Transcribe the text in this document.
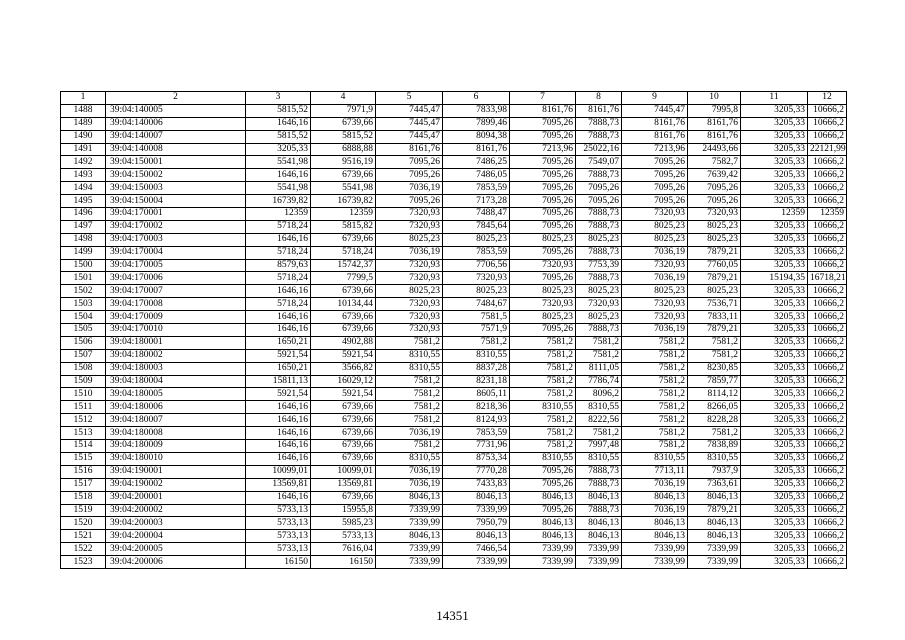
1	2	3	4	5	6	7	8	9	10	11	12
1488	39:04:140005	5815,52	7971,9	7445,47	7833,98	8161,76	8161,76	7445,47	7995,8	3205,33	10666,2
1489	39:04:140006	1646,16	6739,66	7445,47	7899,46	7095,26	7888,73	8161,76	8161,76	3205,33	10666,2
1490	39:04:140007	5815,52	5815,52	7445,47	8094,38	7095,26	7888,73	8161,76	8161,76	3205,33	10666,2
1491	39:04:140008	3205,33	6888,88	8161,76	8161,76	7213,96	25022,16	7213,96	24493,66	3205,33	22121,99
1492	39:04:150001	5541,98	9516,19	7095,26	7486,25	7095,26	7549,07	7095,26	7582,7	3205,33	10666,2
1493	39:04:150002	1646,16	6739,66	7095,26	7486,05	7095,26	7888,73	7095,26	7639,42	3205,33	10666,2
1494	39:04:150003	5541,98	5541,98	7036,19	7853,59	7095,26	7095,26	7095,26	7095,26	3205,33	10666,2
1495	39:04:150004	16739,82	16739,82	7095,26	7173,28	7095,26	7095,26	7095,26	7095,26	3205,33	10666,2
1496	39:04:170001	12359	12359	7320,93	7488,47	7095,26	7888,73	7320,93	7320,93	12359	12359
1497	39:04:170002	5718,24	5815,82	7320,93	7845,64	7095,26	7888,73	8025,23	8025,23	3205,33	10666,2
1498	39:04:170003	1646,16	6739,66	8025,23	8025,23	8025,23	8025,23	8025,23	8025,23	3205,33	10666,2
1499	39:04:170004	5718,24	5718,24	7036,19	7853,59	7095,26	7888,73	7036,19	7879,21	3205,33	10666,2
1500	39:04:170005	8579,63	15742,37	7320,93	7706,56	7320,93	7753,39	7320,93	7760,05	3205,33	10666,2
1501	39:04:170006	5718,24	7799,5	7320,93	7320,93	7095,26	7888,73	7036,19	7879,21	15194,35	16718,21
1502	39:04:170007	1646,16	6739,66	8025,23	8025,23	8025,23	8025,23	8025,23	8025,23	3205,33	10666,2
1503	39:04:170008	5718,24	10134,44	7320,93	7484,67	7320,93	7320,93	7320,93	7536,71	3205,33	10666,2
1504	39:04:170009	1646,16	6739,66	7320,93	7581,5	8025,23	8025,23	7320,93	7833,11	3205,33	10666,2
1505	39:04:170010	1646,16	6739,66	7320,93	7571,9	7095,26	7888,73	7036,19	7879,21	3205,33	10666,2
1506	39:04:180001	1650,21	4902,88	7581,2	7581,2	7581,2	7581,2	7581,2	7581,2	3205,33	10666,2
1507	39:04:180002	5921,54	5921,54	8310,55	8310,55	7581,2	7581,2	7581,2	7581,2	3205,33	10666,2
1508	39:04:180003	1650,21	3566,82	8310,55	8837,28	7581,2	8111,05	7581,2	8230,85	3205,33	10666,2
1509	39:04:180004	15811,13	16029,12	7581,2	8231,18	7581,2	7786,74	7581,2	7859,77	3205,33	10666,2
1510	39:04:180005	5921,54	5921,54	7581,2	8605,11	7581,2	8096,2	7581,2	8114,12	3205,33	10666,2
1511	39:04:180006	1646,16	6739,66	7581,2	8218,36	8310,55	8310,55	7581,2	8266,05	3205,33	10666,2
1512	39:04:180007	1646,16	6739,66	7581,2	8124,93	7581,2	8222,56	7581,2	8228,28	3205,33	10666,2
1513	39:04:180008	1646,16	6739,66	7036,19	7853,59	7581,2	7581,2	7581,2	7581,2	3205,33	10666,2
1514	39:04:180009	1646,16	6739,66	7581,2	7731,96	7581,2	7997,48	7581,2	7838,89	3205,33	10666,2
1515	39:04:180010	1646,16	6739,66	8310,55	8753,34	8310,55	8310,55	8310,55	8310,55	3205,33	10666,2
1516	39:04:190001	10099,01	10099,01	7036,19	7770,28	7095,26	7888,73	7713,11	7937,9	3205,33	10666,2
1517	39:04:190002	13569,81	13569,81	7036,19	7433,83	7095,26	7888,73	7036,19	7363,61	3205,33	10666,2
1518	39:04:200001	1646,16	6739,66	8046,13	8046,13	8046,13	8046,13	8046,13	8046,13	3205,33	10666,2
1519	39:04:200002	5733,13	15955,8	7339,99	7339,99	7095,26	7888,73	7036,19	7879,21	3205,33	10666,2
1520	39:04:200003	5733,13	5985,23	7339,99	7950,79	8046,13	8046,13	8046,13	8046,13	3205,33	10666,2
1521	39:04:200004	5733,13	5733,13	8046,13	8046,13	8046,13	8046,13	8046,13	8046,13	3205,33	10666,2
1522	39:04:200005	5733,13	7616,04	7339,99	7466,54	7339,99	7339,99	7339,99	7339,99	3205,33	10666,2
1523	39:04:200006	16150	16150	7339,99	7339,99	7339,99	7339,99	7339,99	7339,99	3205,33	10666,2
14351
